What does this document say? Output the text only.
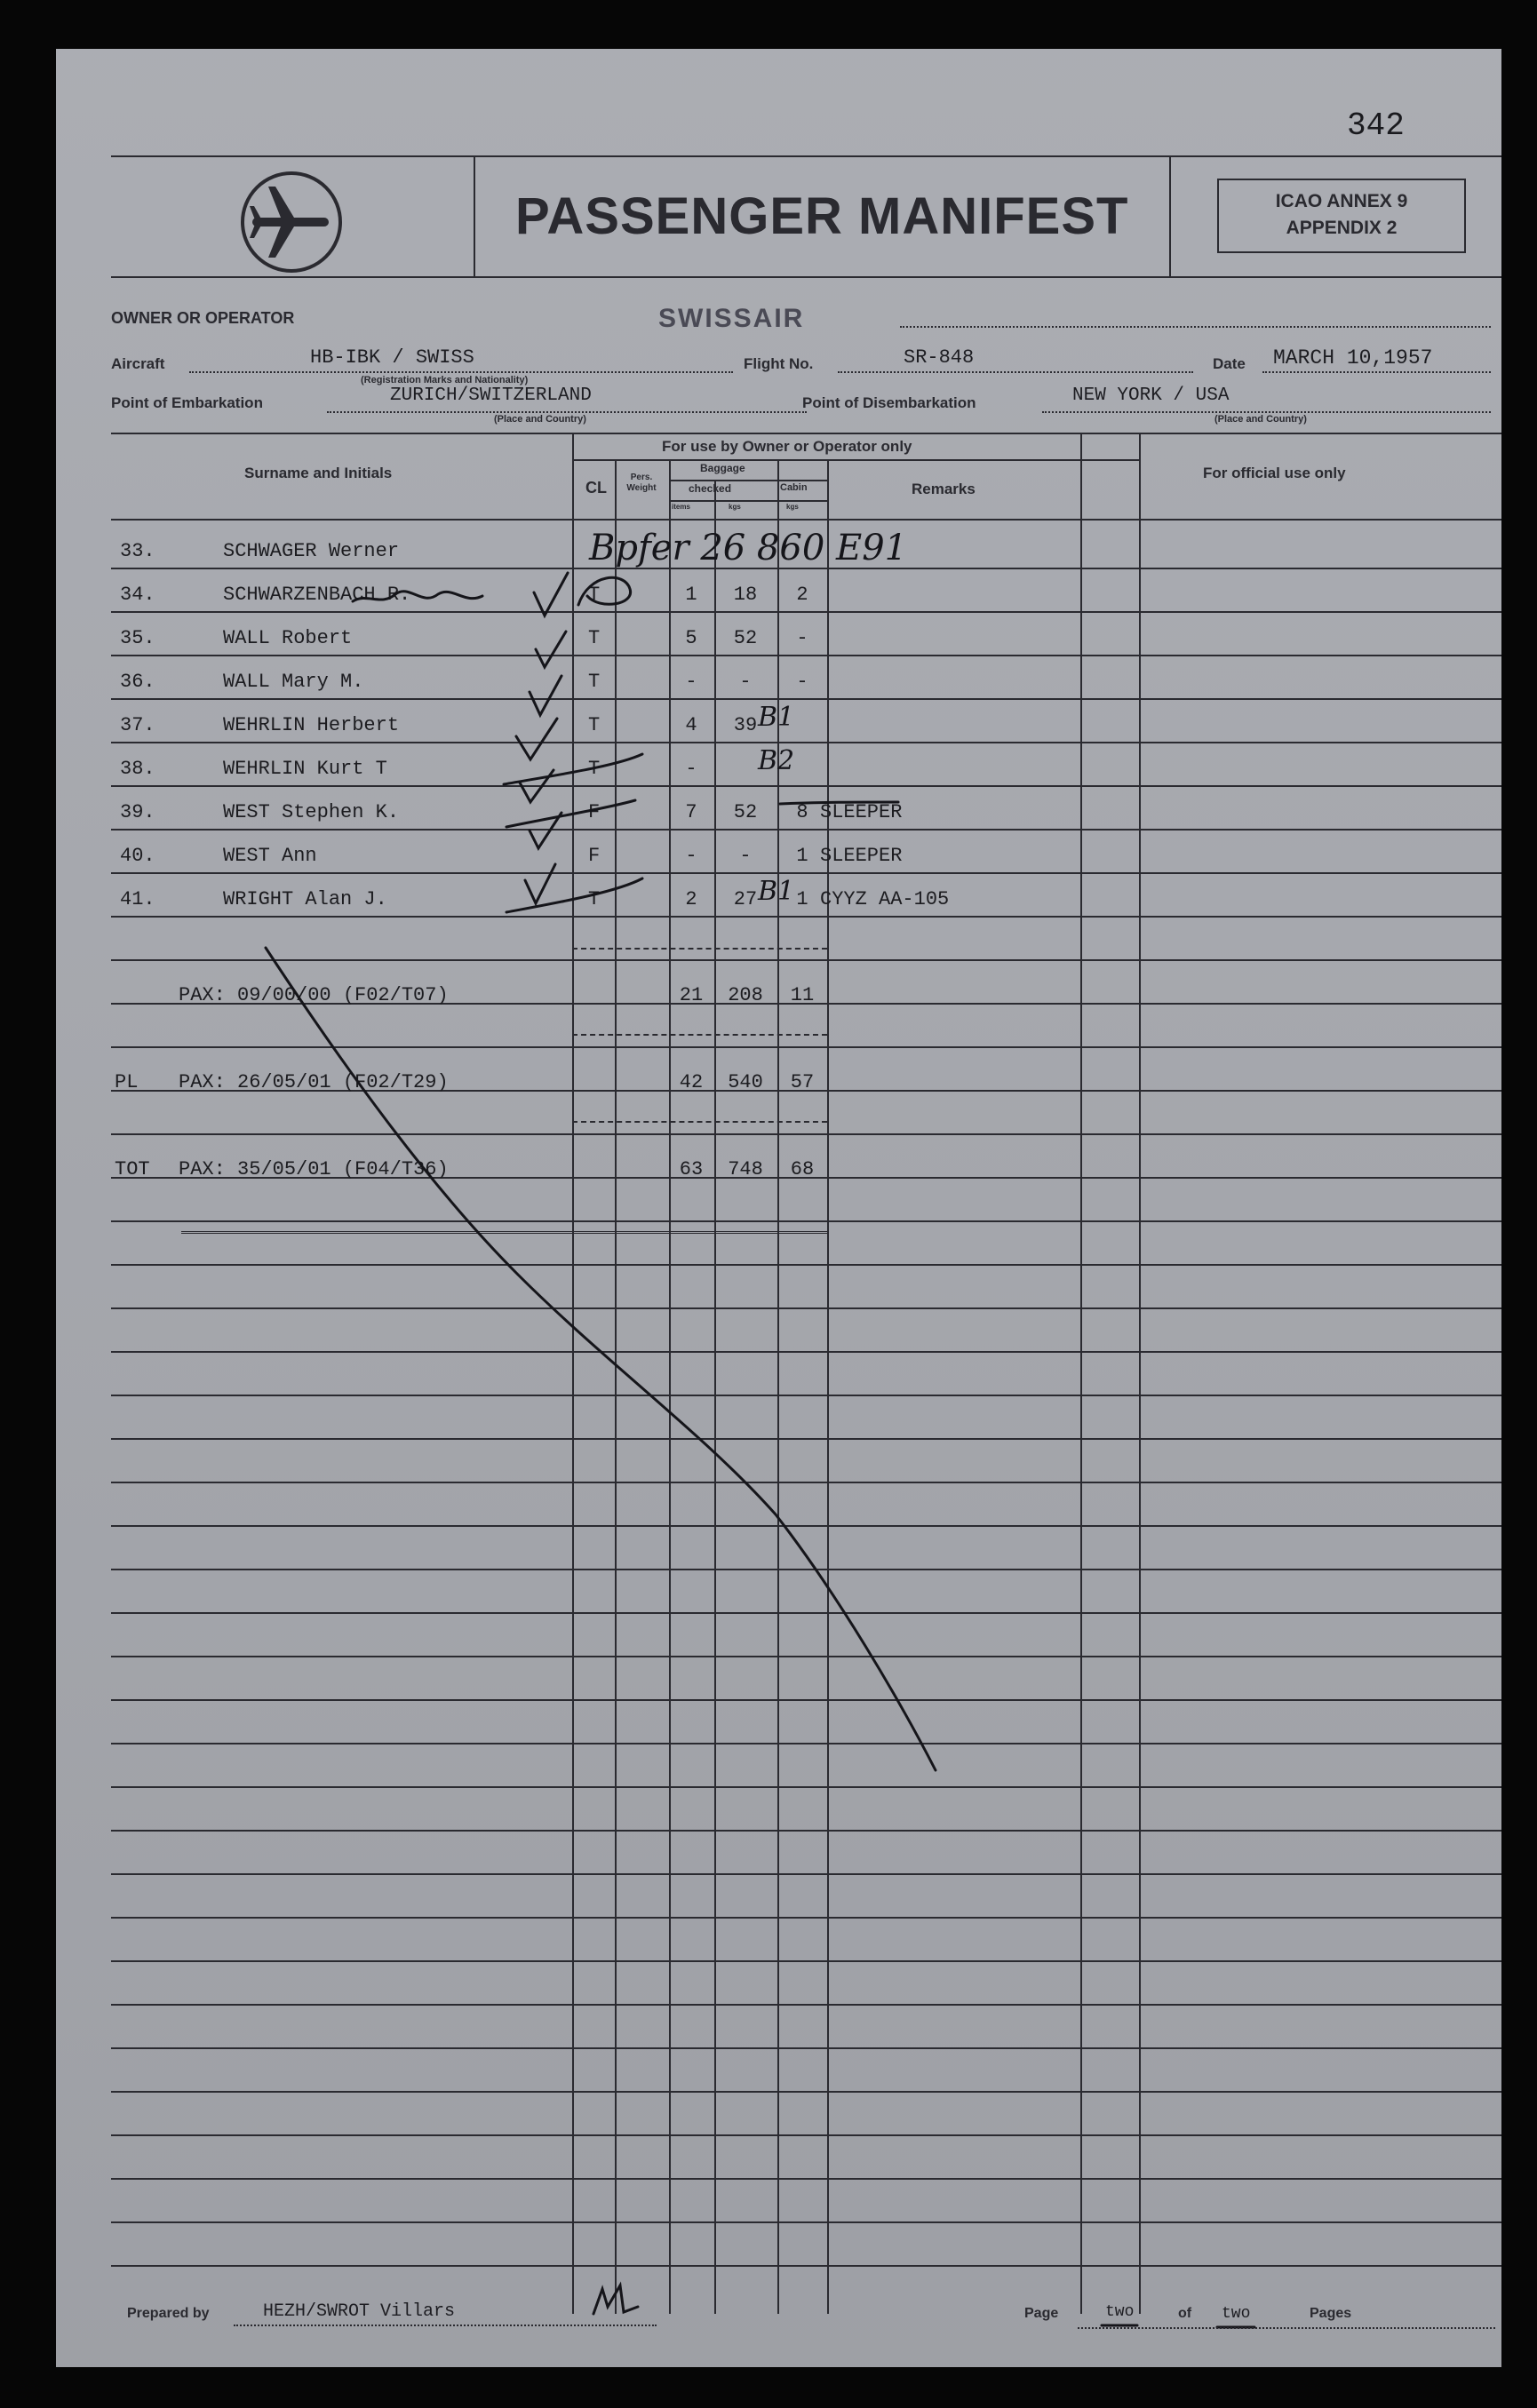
342
PASSENGER MANIFEST	ICAO ANNEX 9
APPENDIX 2
OWNER OR OPERATOR	SWISSAIR
Aircraft	HB-IBK / SWISS
(Registration Marks and Nationality)
Flight No.	SR-848	Date MARCH 10,1957
Point of Embarkation	ZURICH/SWITZERLAND
(Place and Country)
Point of Disembarkation	NEW YORK / USA
(Place and Country)
For use by Owner or Operator only
Surname and Initials
CL
Pers. Weight
Baggage
checked	Cabin
items	kgs	kgs
Remarks
For official use only
33.	SCHWAGER Werner	Bpfer 26 860 E91
34.	SCHWARZENBACH R.	T	1	18	2
35.	WALL Robert	T	5	52	-
36.	WALL Mary M.	T	-	-	-
37.	WEHRLIN Herbert	T	4	39 B1
38.	WEHRLIN Kurt T	T	-	B2
39.	WEST Stephen K.	F	7	52	8 SLEEPER
40.	WEST Ann	F	-	-	1 SLEEPER
41.	WRIGHT Alan J.	T	2	27	1 CYYZ AA-105
B1
PAX: 09/00/00 (F02/T07)	21	208	11
PL PAX: 26/05/01 (F02/T29)	42	540	57
TOT PAX: 35/05/01 (F04/T36)	63	748	68
Prepared by	HEZH/SWROT Villars	Page	two	of two	Pages
